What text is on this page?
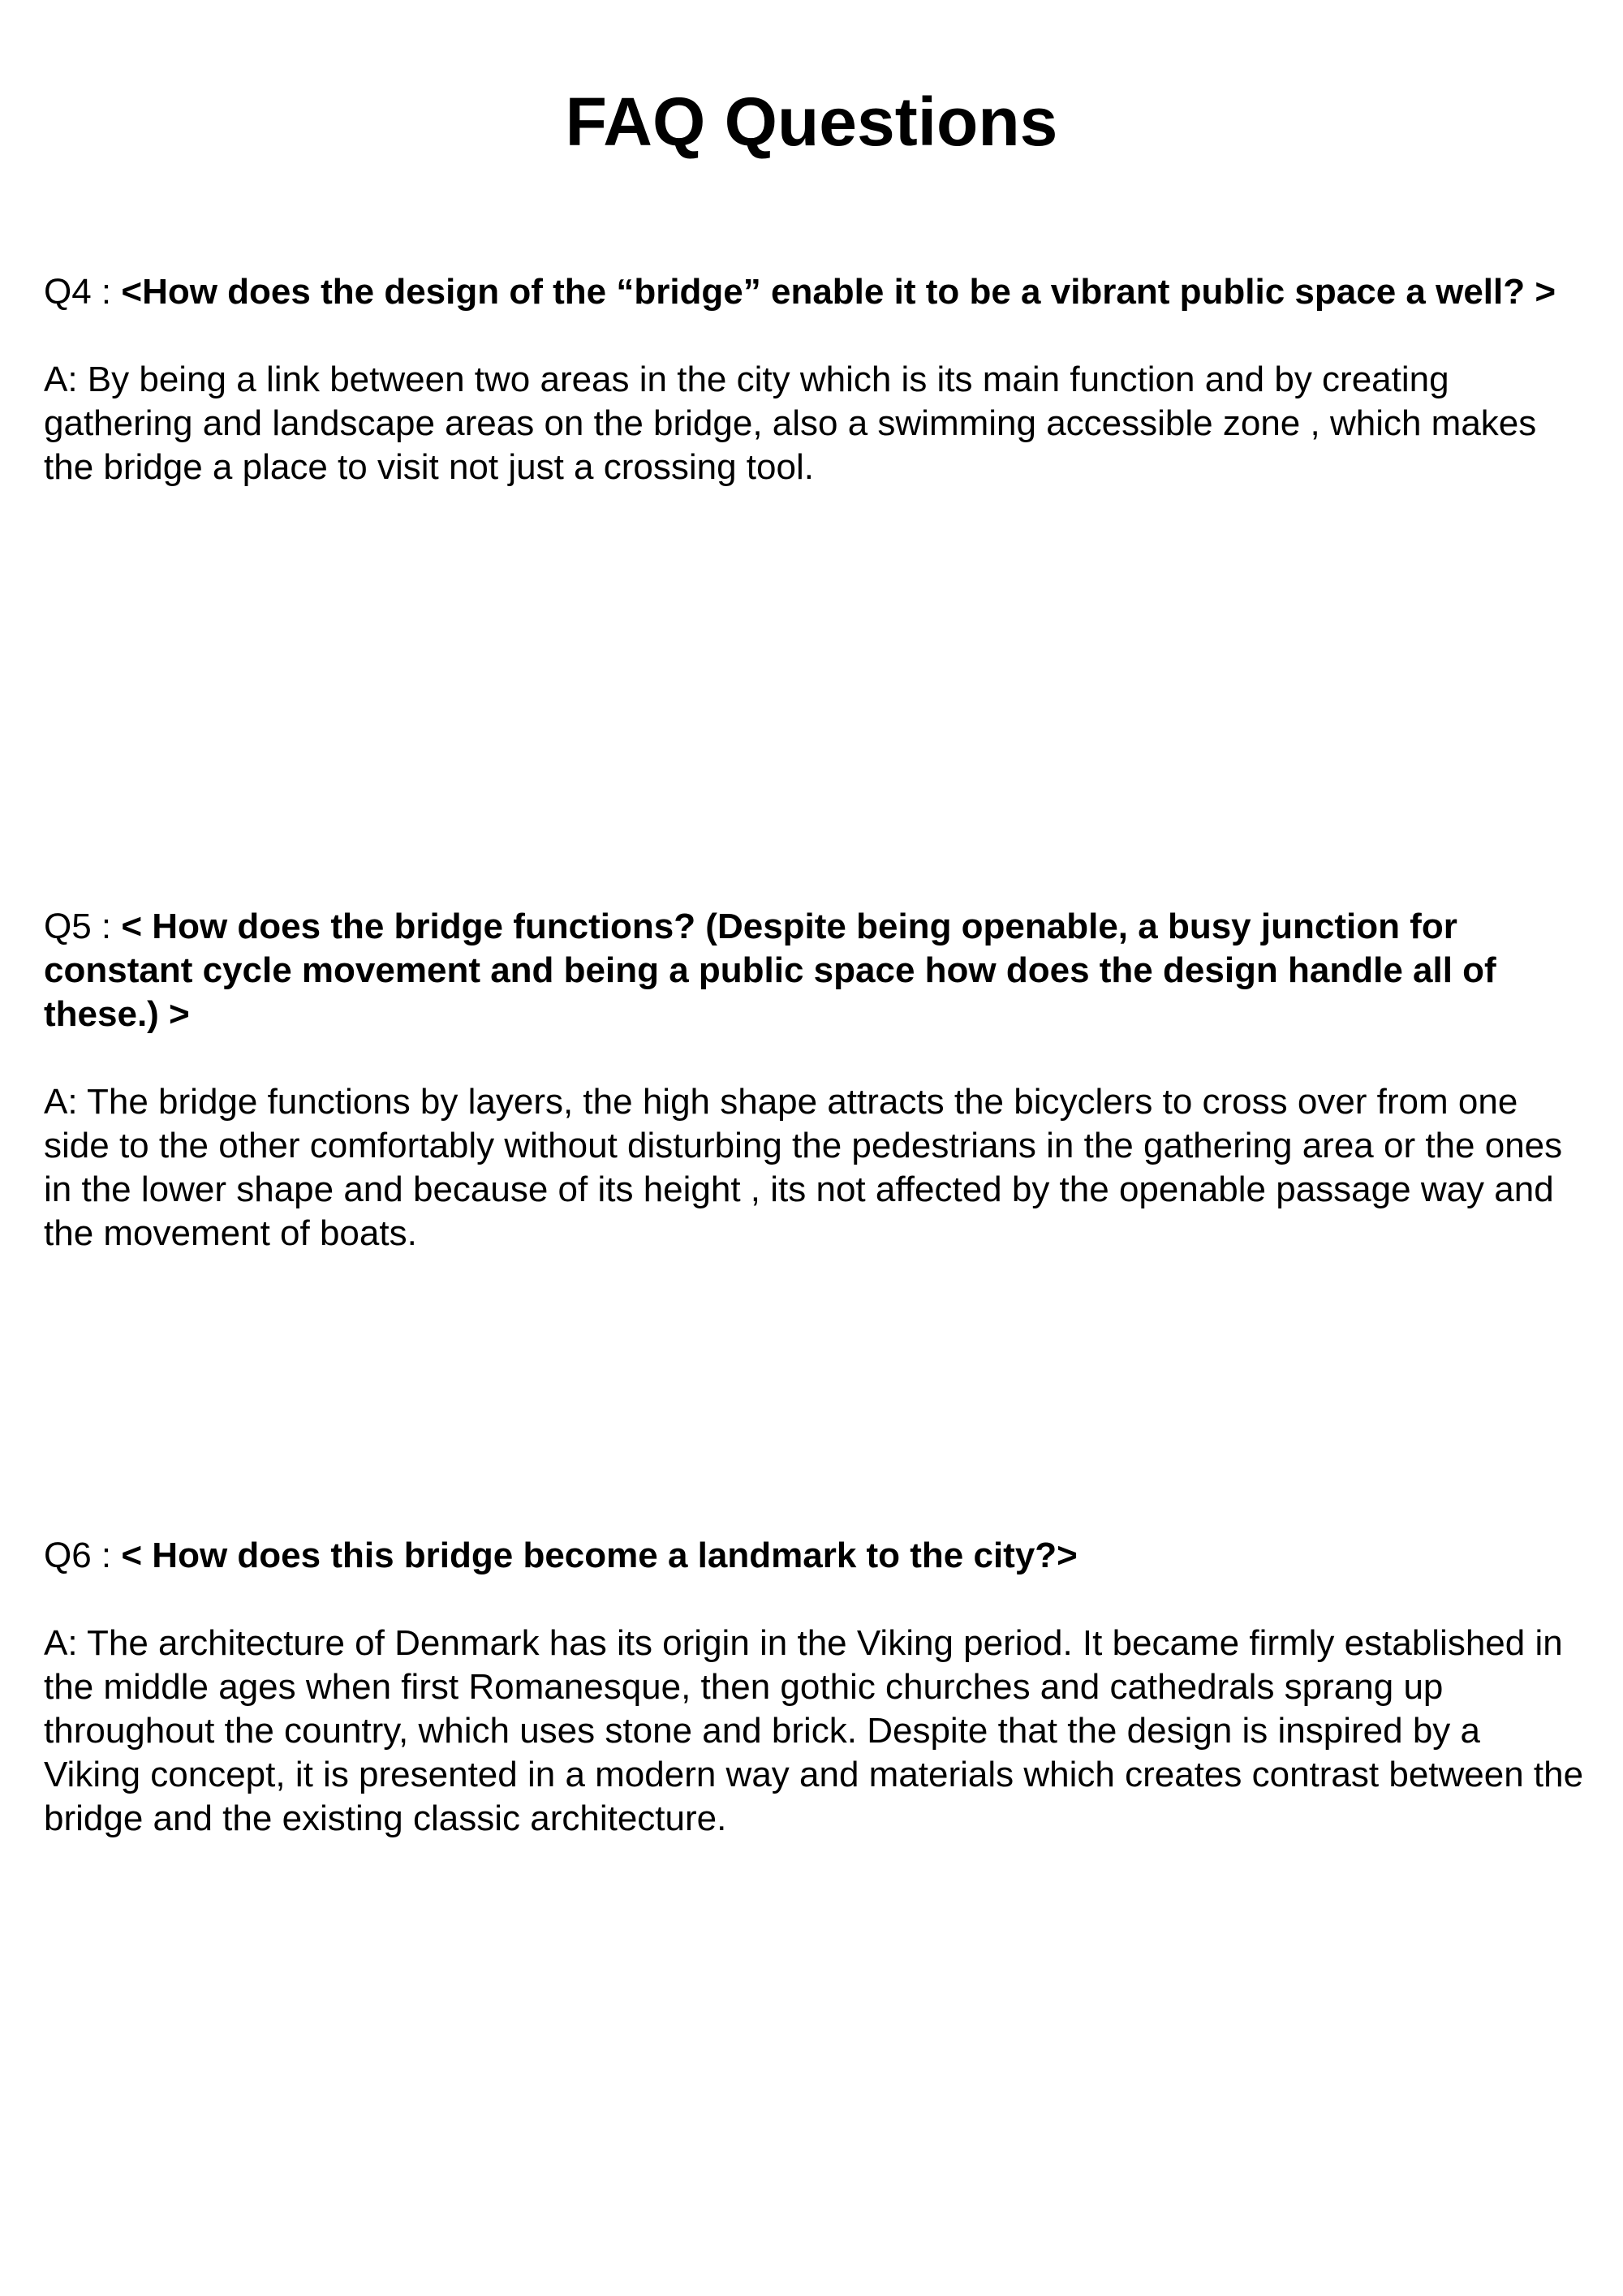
FAQ Questions

Q4 : <How does the design of the “bridge” enable it to be a vibrant public space a well? >

A: By being a link between two areas in the city which is its main function and by creating gathering and landscape areas on the bridge, also a swimming accessible zone , which makes the bridge a place to visit not just a crossing tool.

Q5 : < How does the bridge functions? (Despite being openable, a busy junction for constant cycle movement and being a public space how does the design handle all of these.) >

A: The bridge functions by layers, the high shape attracts the bicyclers to cross over from one side to the other comfortably without disturbing the pedestrians in the gathering area or the ones in the lower shape and because of its height , its not affected by the openable passage way and the movement of boats.

Q6 : < How does this bridge become a landmark to the city?>

A: The architecture of Denmark has its origin in the Viking period. It became firmly established in the middle ages when first Romanesque, then gothic churches and cathedrals sprang up throughout the country, which uses stone and brick. Despite that the design is inspired by a Viking concept, it is presented in a modern way and materials which creates contrast between the bridge and the existing classic architecture.
